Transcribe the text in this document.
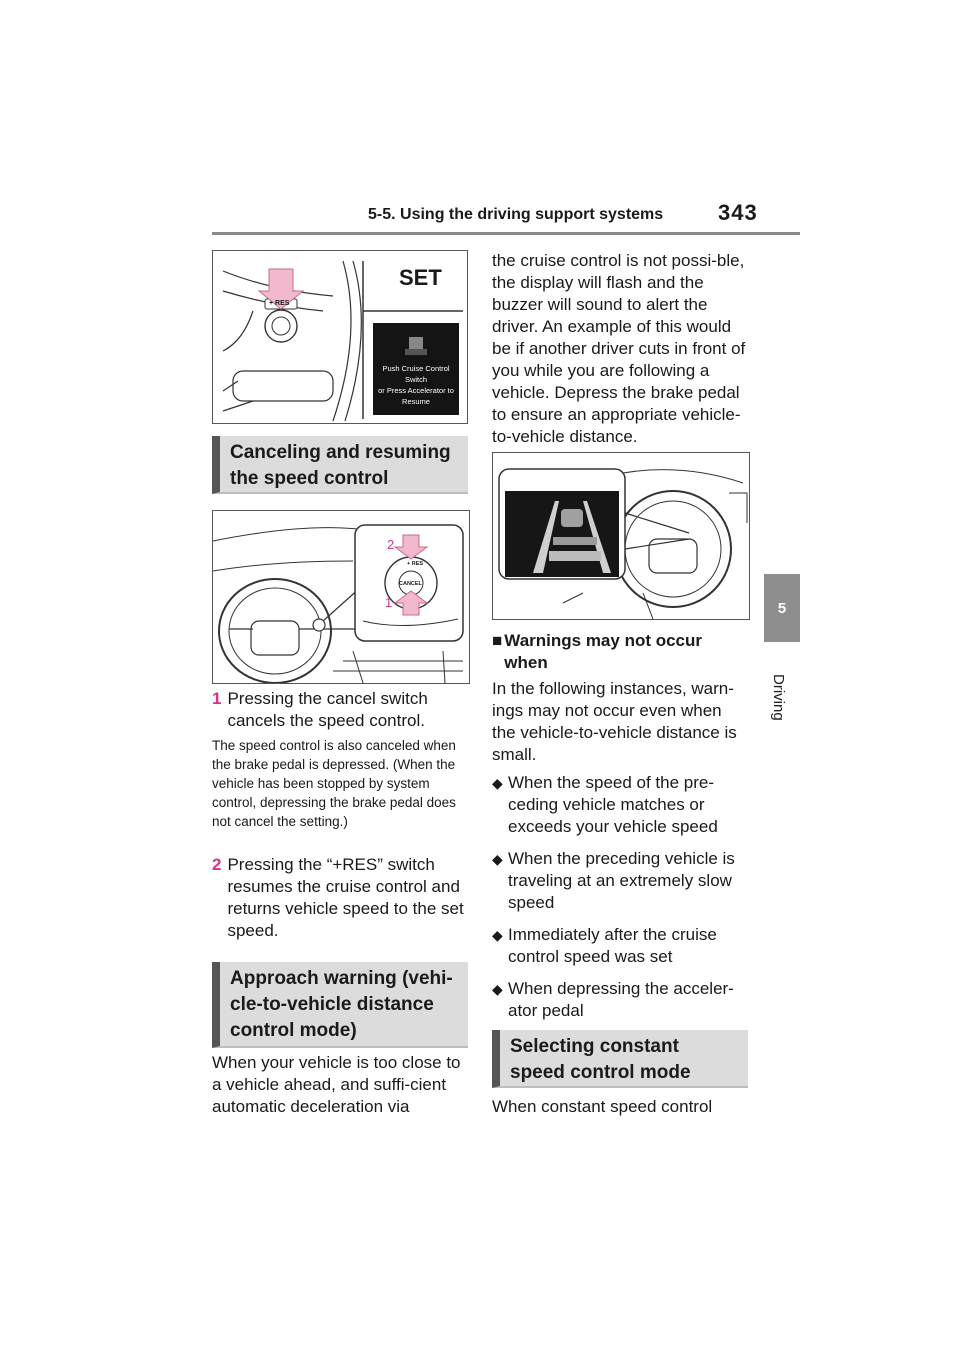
5-5. Using the driving support systems 343
5
Driving
SET
+ RES
Push Cruise Control Switch
or Press Accelerator to
Resume
Canceling and resuming the speed control
2
1
+ RES
CANCEL
1 Pressing the cancel switch cancels the speed control.
The speed control is also canceled when the brake pedal is depressed. (When the vehicle has been stopped by system control, depressing the brake pedal does not cancel the setting.)
2 Pressing the “+RES” switch resumes the cruise control and returns vehicle speed to the set speed.
Approach warning (vehi-cle-to-vehicle distance control mode)
When your vehicle is too close to a vehicle ahead, and suffi-cient automatic deceleration via
the cruise control is not possi-ble, the display will flash and the buzzer will sound to alert the driver. An example of this would be if another driver cuts in front of you while you are following a vehicle. Depress the brake pedal to ensure an appropriate vehicle-to-vehicle distance.
■ Warnings may not occur when
In the following instances, warn-ings may not occur even when the vehicle-to-vehicle distance is small.
◆ When the speed of the pre-ceding vehicle matches or exceeds your vehicle speed
◆ When the preceding vehicle is traveling at an extremely slow speed
◆ Immediately after the cruise control speed was set
◆ When depressing the acceler-ator pedal
Selecting constant speed control mode
When constant speed control
